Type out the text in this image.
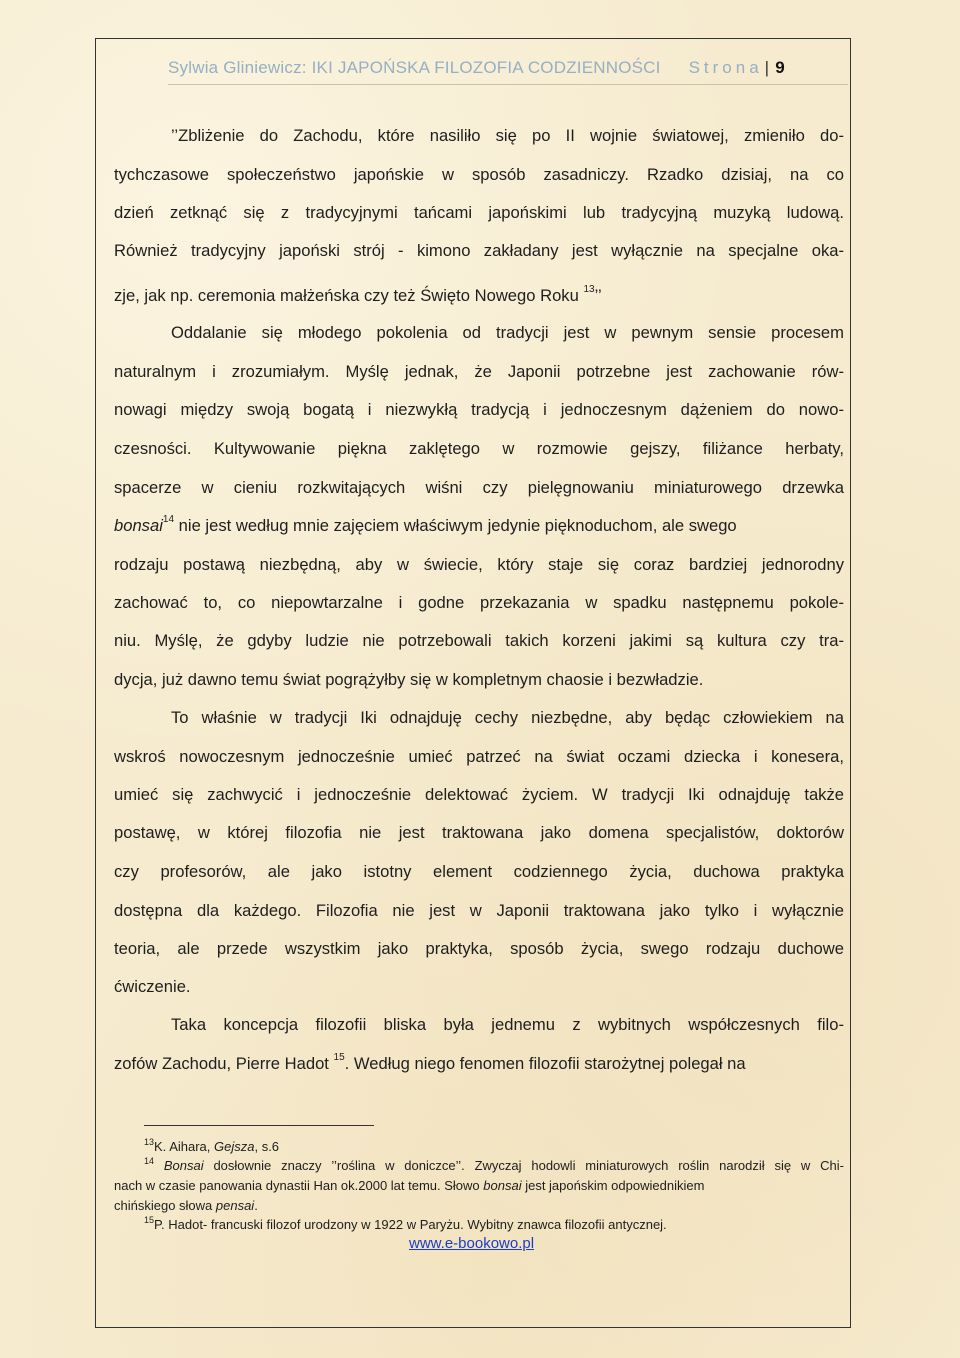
Sylwia Gliniewicz: IKI JAPOŃSKA FILOZOFIA CODZIENNOŚCI Strona | 9
’’Zbliżenie do Zachodu, które nasiliło się po II wojnie światowej, zmieniło do-
tychczasowe społeczeństwo japońskie w sposób zasadniczy. Rzadko dzisiaj, na co
dzień zetknąć się z tradycyjnymi tańcami japońskimi lub tradycyjną muzyką ludową.
Również tradycyjny japoński strój - kimono zakładany jest wyłącznie na specjalne oka-
zje, jak np. ceremonia małżeńska czy też Święto Nowego Roku $^{13}$’’
Oddalanie się młodego pokolenia od tradycji jest w pewnym sensie procesem
naturalnym i zrozumiałym. Myślę jednak, że Japonii potrzebne jest zachowanie rów-
nowagi między swoją bogatą i niezwykłą tradycją i jednoczesnym dążeniem do nowo-
czesności. Kultywowanie piękna zaklętego w rozmowie gejszy, filiżance herbaty,
spacerze w cieniu rozkwitających wiśni czy pielęgnowaniu miniaturowego drzewka
bonsai$^{14}$ nie jest według mnie zajęciem właściwym jedynie pięknoduchom, ale swego
rodzaju postawą niezbędną, aby w świecie, który staje się coraz bardziej jednorodny
zachować to, co niepowtarzalne i godne przekazania w spadku następnemu pokole-
niu. Myślę, że gdyby ludzie nie potrzebowali takich korzeni jakimi są kultura czy tra-
dycja, już dawno temu świat pogrążyłby się w kompletnym chaosie i bezwładzie.
To właśnie w tradycji Iki odnajduję cechy niezbędne, aby będąc człowiekiem na
wskroś nowoczesnym jednocześnie umieć patrzeć na świat oczami dziecka i koneserа,
umieć się zachwycić i jednocześnie delektować życiem. W tradycji Iki odnajduję także
postawę, w której filozofia nie jest traktowana jako domena specjalistów, doktorów
czy profesorów, ale jako istotny element codziennego życia, duchowa praktyka
dostępna dla każdego. Filozofia nie jest w Japonii traktowana jako tylko i wyłącznie
teoria, ale przede wszystkim jako praktyka, sposób życia, swego rodzaju duchowe
ćwiczenie.
Taka koncepcja filozofii bliska była jednemu z wybitnych współczesnych filo-
zofów Zachodu, Pierre Hadot $^{15}$. Według niego fenomen filozofii starożytnej polegał na
$^{13}$K. Aihara, Gejsza, s.6
$^{14}$ Bonsai dosłownie znaczy ’’roślina w doniczce’’. Zwyczaj hodowli miniaturowych roślin narodził się w Chi-
nach w czasie panowania dynastii Han ok.2000 lat temu. Słowo bonsai jest japońskim odpowiednikiem
chińskiego słowa pensai.
$^{15}$P. Hadot- francuski filozof urodzony w 1922 w Paryżu. Wybitny znawca filozofii antycznej.
www.e-bookowo.pl
